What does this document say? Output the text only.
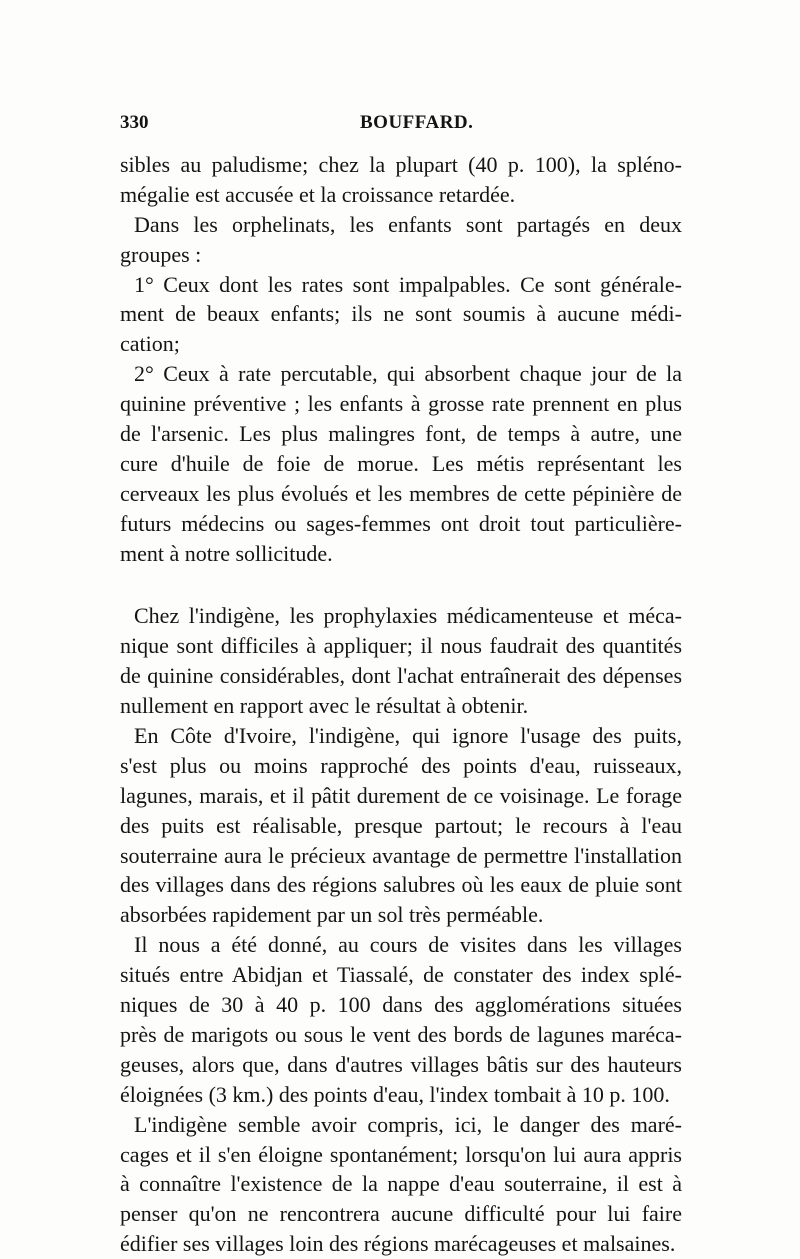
330	BOUFFARD.
sibles au paludisme; chez la plupart (40 p. 100), la spléno-
mégalie est accusée et la croissance retardée.
Dans les orphelinats, les enfants sont partagés en deux
groupes :
1° Ceux dont les rates sont impalpables. Ce sont générale-
ment de beaux enfants; ils ne sont soumis à aucune médi-
cation;
2° Ceux à rate percutable, qui absorbent chaque jour de la
quinine préventive ; les enfants à grosse rate prennent en plus
de l'arsenic. Les plus malingres font, de temps à autre, une
cure d'huile de foie de morue. Les métis représentant les
cerveaux les plus évolués et les membres de cette pépinière de
futurs médecins ou sages-femmes ont droit tout particulière-
ment à notre sollicitude.
Chez l'indigène, les prophylaxies médicamenteuse et méca-
nique sont difficiles à appliquer; il nous faudrait des quantités
de quinine considérables, dont l'achat entraînerait des dépenses
nullement en rapport avec le résultat à obtenir.
En Côte d'Ivoire, l'indigène, qui ignore l'usage des puits,
s'est plus ou moins rapproché des points d'eau, ruisseaux,
lagunes, marais, et il pâtit durement de ce voisinage. Le forage
des puits est réalisable, presque partout; le recours à l'eau
souterraine aura le précieux avantage de permettre l'installation
des villages dans des régions salubres où les eaux de pluie sont
absorbées rapidement par un sol très perméable.
Il nous a été donné, au cours de visites dans les villages
situés entre Abidjan et Tiassalé, de constater des index splé-
niques de 30 à 40 p. 100 dans des agglomérations situées
près de marigots ou sous le vent des bords de lagunes maréca-
geuses, alors que, dans d'autres villages bâtis sur des hauteurs
éloignées (3 km.) des points d'eau, l'index tombait à 10 p. 100.
L'indigène semble avoir compris, ici, le danger des maré-
cages et il s'en éloigne spontanément; lorsqu'on lui aura appris
à connaître l'existence de la nappe d'eau souterraine, il est à
penser qu'on ne rencontrera aucune difficulté pour lui faire
édifier ses villages loin des régions marécageuses et malsaines.
